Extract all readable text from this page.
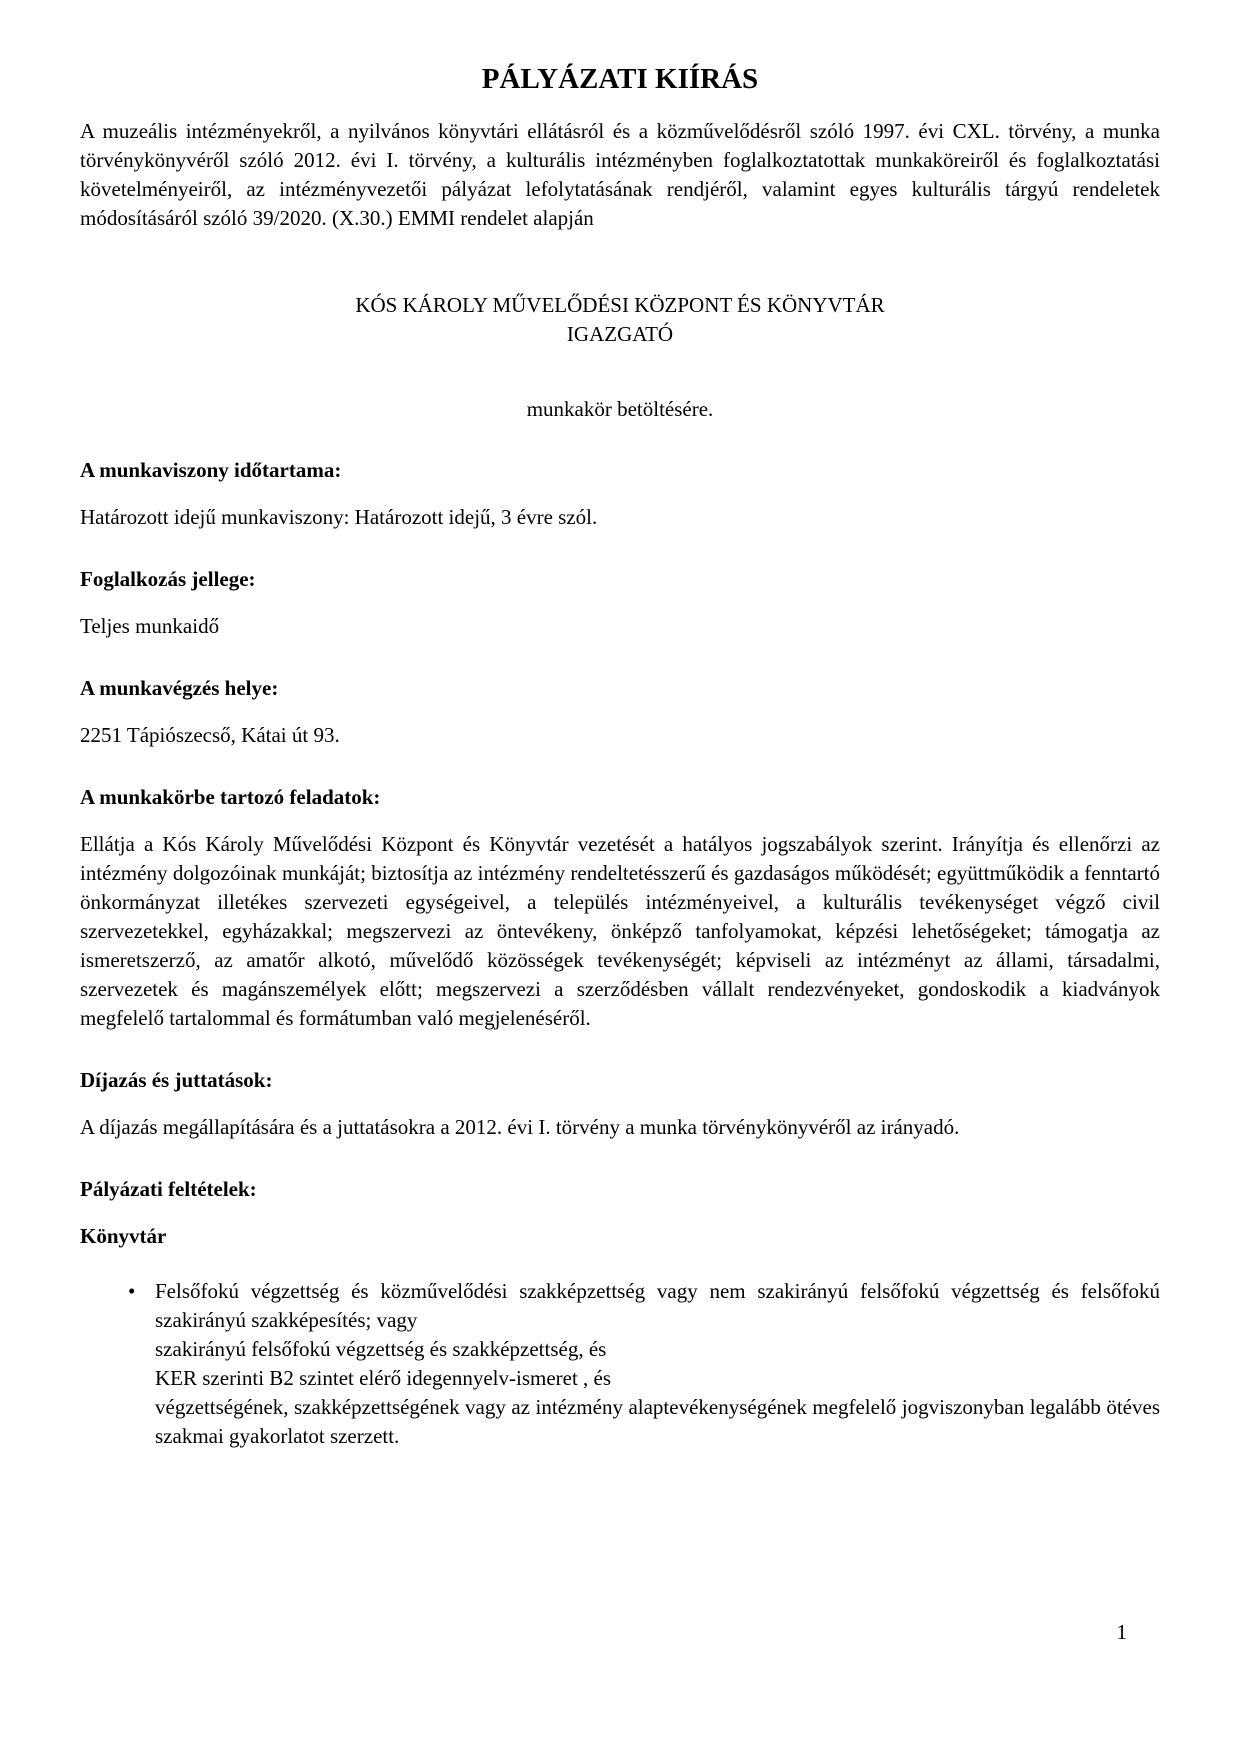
PÁLYÁZATI KIÍRÁS

A muzeális intézményekről, a nyilvános könyvtári ellátásról és a közművelődésről szóló 1997. évi CXL. törvény, a munka törvénykönyvéről szóló 2012. évi I. törvény, a kulturális intézményben foglalkoztatottak munkaköreiről és foglalkoztatási követelményeiről, az intézményvezetői pályázat lefolytatásának rendjéről, valamint egyes kulturális tárgyú rendeletek módosításáról szóló 39/2020. (X.30.) EMMI rendelet alapján

KÓS KÁROLY MŰVELŐDÉSI KÖZPONT ÉS KÖNYVTÁR
IGAZGATÓ
munkakör betöltésére.
A munkaviszony időtartama:

Határozott idejű munkaviszony: Határozott idejű, 3 évre szól.

Foglalkozás jellege:

Teljes munkaidő

A munkavégzés helye:

2251 Tápiószecső, Kátai út 93.

A munkakörbe tartozó feladatok:

Ellátja a Kós Károly Művelődési Központ és Könyvtár vezetését a hatályos jogszabályok szerint. Irányítja és ellenőrzi az intézmény dolgozóinak munkáját; biztosítja az intézmény rendeltetésszerű és gazdaságos működését; együttműködik a fenntartó önkormányzat illetékes szervezeti egységeivel, a település intézményeivel, a kulturális tevékenységet végző civil szervezetekkel, egyházakkal; megszervezi az öntevékeny, önképző tanfolyamokat, képzési lehetőségeket; támogatja az ismeretszerző, az amatőr alkotó, művelődő közösségek tevékenységét; képviseli az intézményt az állami, társadalmi, szervezetek és magánszemélyek előtt; megszervezi a szerződésben vállalt rendezvényeket, gondoskodik a kiadványok megfelelő tartalommal és formátumban való megjelenéséről.

Díjazás és juttatások:

A díjazás megállapítására és a juttatásokra a 2012. évi I. törvény a munka törvénykönyvéről az irányadó.

Pályázati feltételek:
Könyvtár
• Felsőfokú végzettség és közművelődési szakképzettség vagy nem szakirányú felsőfokú végzettség és felsőfokú szakirányú szakképesítés; vagy
szakirányú felsőfokú végzettség és szakképzettség, és
KER szerinti B2 szintet elérő idegennyelv-ismeret , és
végzettségének, szakképzettségének vagy az intézmény alaptevékenységének megfelelő jogviszonyban legalább ötéves szakmai gyakorlatot szerzett.
1
